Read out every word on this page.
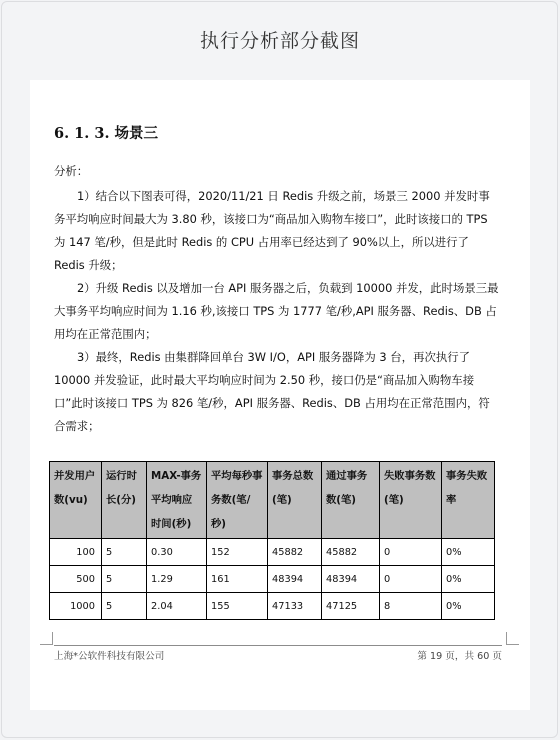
执行分析部分截图
6. 1. 3. 场景三

分析：

1）结合以下图表可得，2020/11/21 日 Redis 升级之前，场景三 2000 并发时事务平均响应时间最大为 3.80 秒，该接口为“商品加入购物车接口”，此时该接口的 TPS 为 147 笔/秒，但是此时 Redis 的 CPU 占用率已经达到了 90%以上，所以进行了 Redis 升级；

2）升级 Redis 以及增加一台 API 服务器之后，负载到 10000 并发，此时场景三最大事务平均响应时间为 1.16 秒,该接口 TPS 为 1777 笔/秒,API 服务器、Redis、DB 占用均在正常范围内；

3）最终，Redis 由集群降回单台 3W I/O，API 服务器降为 3 台，再次执行了 10000 并发验证，此时最大平均响应时间为 2.50 秒，接口仍是“商品加入购物车接口”此时该接口 TPS 为 826 笔/秒，API 服务器、Redis、DB 占用均在正常范围内，符合需求；

并发用户数(vu)	运行时长(分)	MAX-事务平均响应时间(秒)	平均每秒事务数(笔/秒)	事务总数(笔)	通过事务数(笔)	失败事务数(笔)	事务失败率
100	5	0.30	152	45882	45882	0	0%
500	5	1.29	161	48394	48394	0	0%
1000	5	2.04	155	47133	47125	8	0%
上海*公软件科技有限公司	第 19 页，共 60 页
